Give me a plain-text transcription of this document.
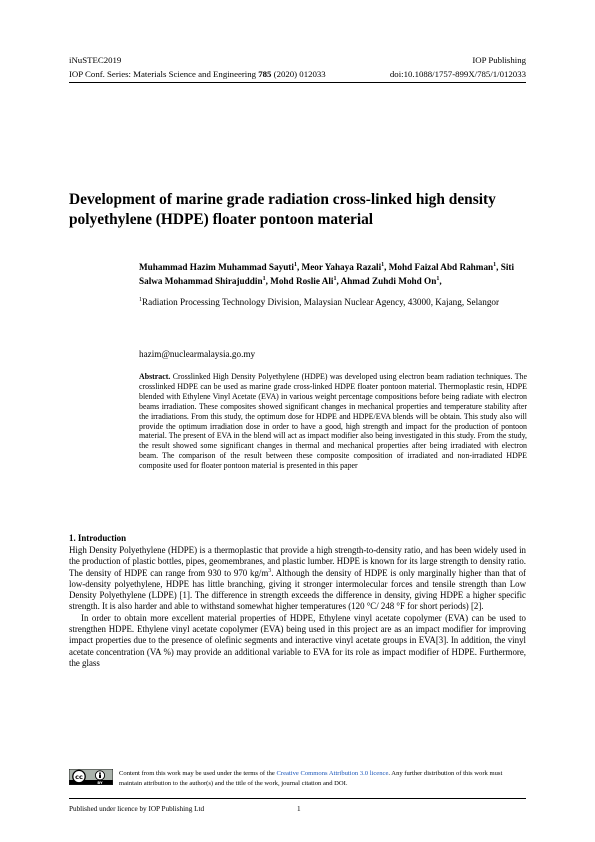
iNuSTEC2019	IOP Publishing
IOP Conf. Series: Materials Science and Engineering 785 (2020) 012033	doi:10.1088/1757-899X/785/1/012033
Development of marine grade radiation cross-linked high density polyethylene (HDPE) floater pontoon material
Muhammad Hazim Muhammad Sayuti$^1$, Meor Yahaya Razali$^1$, Mohd Faizal Abd Rahman$^1$, Siti Salwa Mohammad Shirajuddin$^1$, Mohd Roslie Ali$^1$, Ahmad Zuhdi Mohd On$^1$,
$^1$Radiation Processing Technology Division, Malaysian Nuclear Agency, 43000, Kajang, Selangor
hazim@nuclearmalaysia.go.my

Abstract. Crosslinked High Density Polyethylene (HDPE) was developed using electron beam radiation techniques. The crosslinked HDPE can be used as marine grade cross-linked HDPE floater pontoon material. Thermoplastic resin, HDPE blended with Ethylene Vinyl Acetate (EVA) in various weight percentage compositions before being radiate with electron beams irradiation. These composites showed significant changes in mechanical properties and temperature stability after the irradiations. From this study, the optimum dose for HDPE and HDPE/EVA blends will be obtain. This study also will provide the optimum irradiation dose in order to have a good, high strength and impact for the production of pontoon material. The present of EVA in the blend will act as impact modifier also being investigated in this study. From the study, the result showed some significant changes in thermal and mechanical properties after being irradiated with electron beam. The comparison of the result between these composite composition of irradiated and non-irradiated HDPE composite used for floater pontoon material is presented in this paper

1. Introduction

High Density Polyethylene (HDPE) is a thermoplastic that provide a high strength-to-density ratio, and has been widely used in the production of plastic bottles, pipes, geomembranes, and plastic lumber. HDPE is known for its large strength to density ratio. The density of HDPE can range from 930 to 970 $kg/m^3$. Although the density of HDPE is only marginally higher than that of low-density polyethylene, HDPE has little branching, giving it stronger intermolecular forces and tensile strength than Low Density Polyethylene (LDPE) [1]. The difference in strength exceeds the difference in density, giving HDPE a higher specific strength. It is also harder and able to withstand somewhat higher temperatures (120 °C/ 248 °F for short periods) [2].

In order to obtain more excellent material properties of HDPE, Ethylene vinyl acetate copolymer (EVA) can be used to strengthen HDPE. Ethylene vinyl acetate copolymer (EVA) being used in this project are as an impact modifier for improving impact properties due to the presence of olefinic segments and interactive vinyl acetate groups in EVA[3]. In addition, the vinyl acetate concentration (VA %) may provide an additional variable to EVA for its role as impact modifier of HDPE. Furthermore, the glass

cc
BY
Content from this work may be used under the terms of the Creative Commons Attribution 3.0 licence. Any further distribution of this work must maintain attribution to the author(s) and the title of the work, journal citation and DOI.
Published under licence by IOP Publishing Ltd	1
